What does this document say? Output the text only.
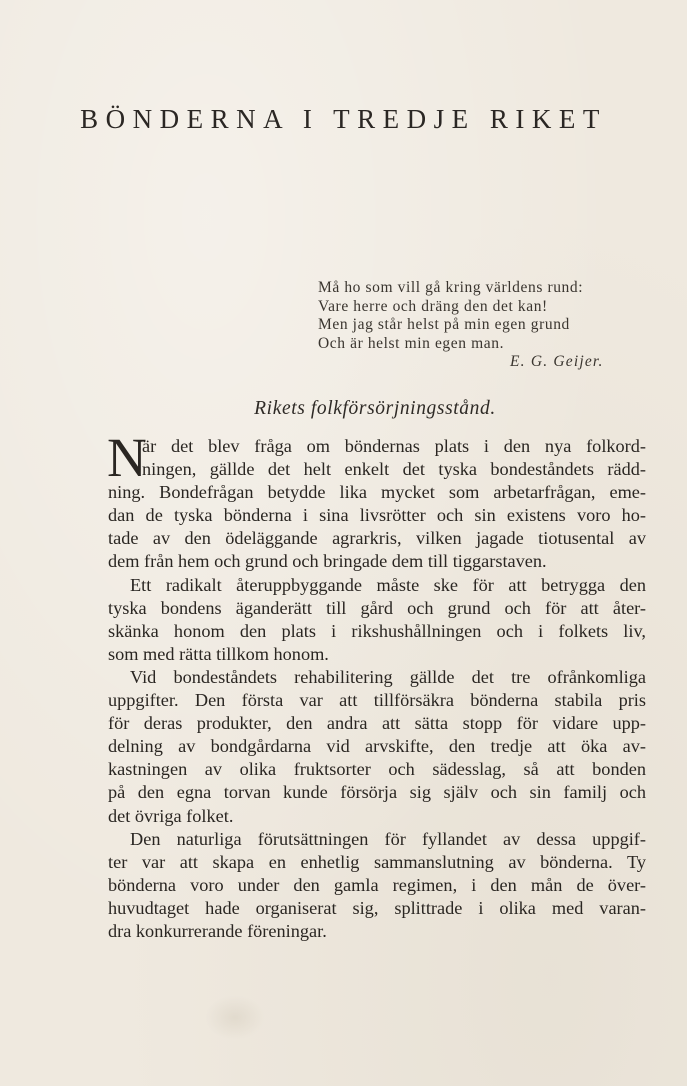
BÖNDERNA I TREDJE RIKET
Må ho som vill gå kring världens rund:
Vare herre och dräng den det kan!
Men jag står helst på min egen grund
Och är helst min egen man.
E. G. Geijer.
Rikets folkförsörjningsstånd.
N
är det blev fråga om böndernas plats i den nya folkord-
ningen, gällde det helt enkelt det tyska bondeståndets rädd-
ning. Bondefrågan betydde lika mycket som arbetarfrågan, eme-
dan de tyska bönderna i sina livsrötter och sin existens voro ho-
tade av den ödeläggande agrarkris, vilken jagade tiotusental av
dem från hem och grund och bringade dem till tiggarstaven.
Ett radikalt återuppbyggande måste ske för att betrygga den
tyska bondens äganderätt till gård och grund och för att åter-
skänka honom den plats i rikshushållningen och i folkets liv,
som med rätta tillkom honom.
Vid bondeståndets rehabilitering gällde det tre ofrånkomliga
uppgifter. Den första var att tillförsäkra bönderna stabila pris
för deras produkter, den andra att sätta stopp för vidare upp-
delning av bondgårdarna vid arvskifte, den tredje att öka av-
kastningen av olika fruktsorter och sädesslag, så att bonden
på den egna torvan kunde försörja sig själv och sin familj och
det övriga folket.
Den naturliga förutsättningen för fyllandet av dessa uppgif-
ter var att skapa en enhetlig sammanslutning av bönderna. Ty
bönderna voro under den gamla regimen, i den mån de över-
huvudtaget hade organiserat sig, splittrade i olika med varan-
dra konkurrerande föreningar.
